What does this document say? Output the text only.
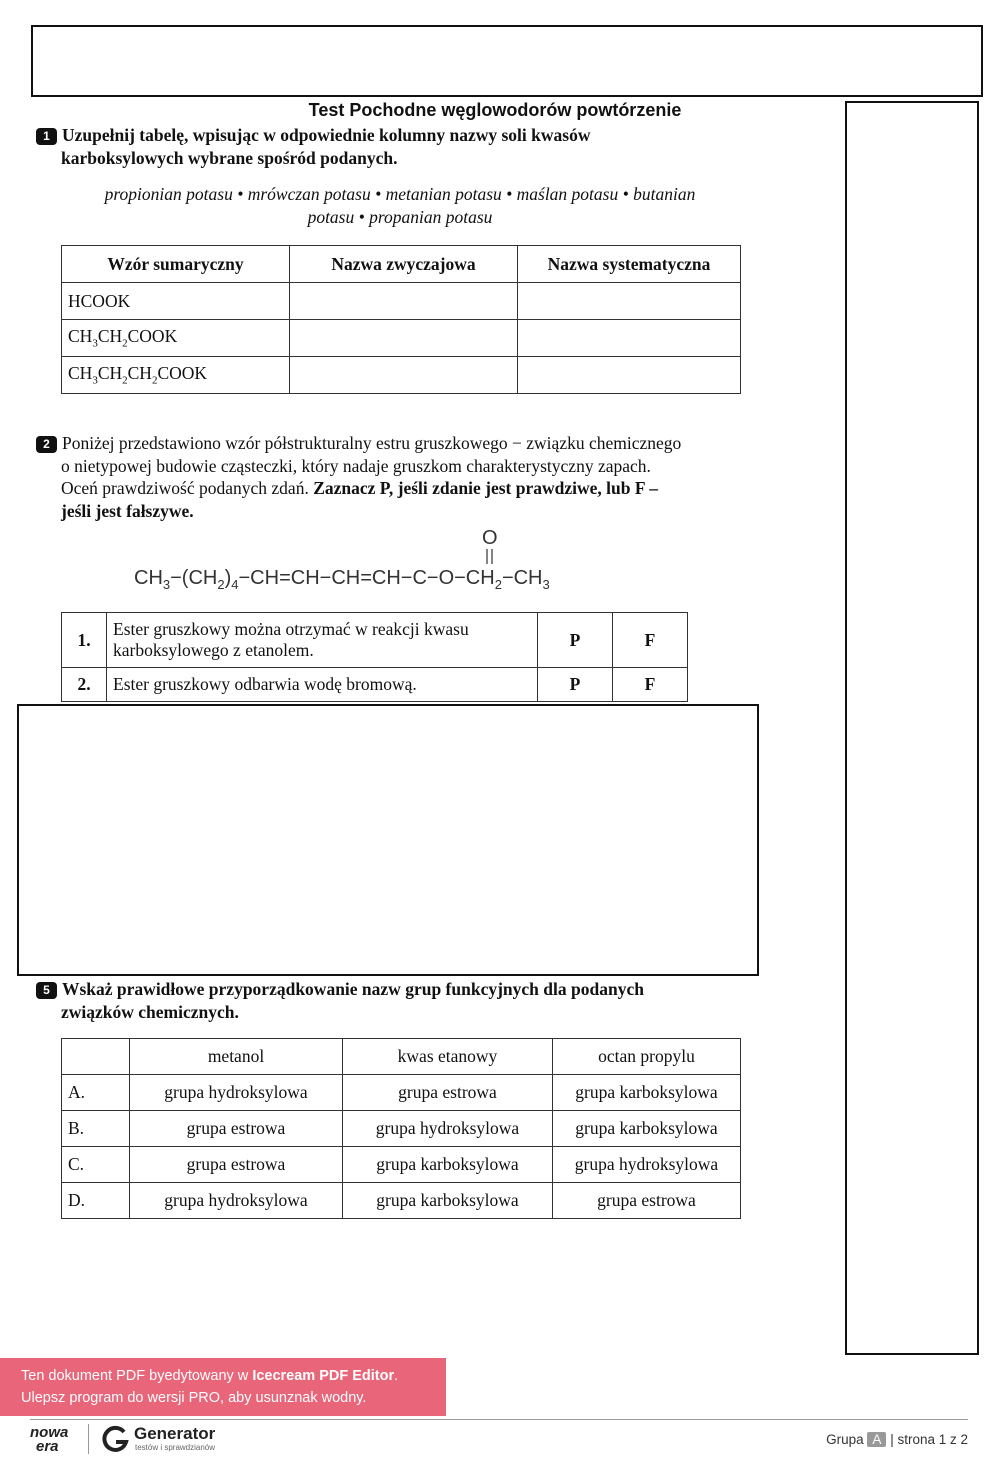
Test Pochodne węglowodorów powtórzenie
1 Uzupełnij tabelę, wpisując w odpowiednie kolumny nazwy soli kwasów
karboksylowych wybrane spośród podanych.
propionian potasu • mrówczan potasu • metanian potasu • maślan potasu • butanian
potasu • propanian potasu
Wzór sumaryczny	Nazwa zwyczajowa	Nazwa systematyczna
HCOOK		
$CH_3CH_2COOK$		
$CH_3CH_2CH_2COOK$		
2 Poniżej przedstawiono wzór półstrukturalny estru gruszkowego − związku chemicznego
o nietypowej budowie cząsteczki, który nadaje gruszkom charakterystyczny zapach.
Oceń prawdziwość podanych zdań. Zaznacz P, jeśli zdanie jest prawdziwe, lub F –
jeśli jest fałszywe.
O
$CH_3-(CH_2)_4-CH=CH-CH=CH-C-O-CH_2-CH_3$
1.	Ester gruszkowy można otrzymać w reakcji kwasu karboksylowego z etanolem.	P	F
2.	Ester gruszkowy odbarwia wodę bromową.	P	F
5 Wskaż prawidłowe przyporządkowanie nazw grup funkcyjnych dla podanych
związków chemicznych.
	metanol	kwas etanowy	octan propylu
A.	grupa hydroksylowa	grupa estrowa	grupa karboksylowa
B.	grupa estrowa	grupa hydroksylowa	grupa karboksylowa
C.	grupa estrowa	grupa karboksylowa	grupa hydroksylowa
D.	grupa hydroksylowa	grupa karboksylowa	grupa estrowa
Ten dokument PDF byedytowany w Icecream PDF Editor.
Ulepsz program do wersji PRO, aby usunznak wodny.
nowa
era
Generator
testów i sprawdzianów
Grupa A | strona 1 z 2
